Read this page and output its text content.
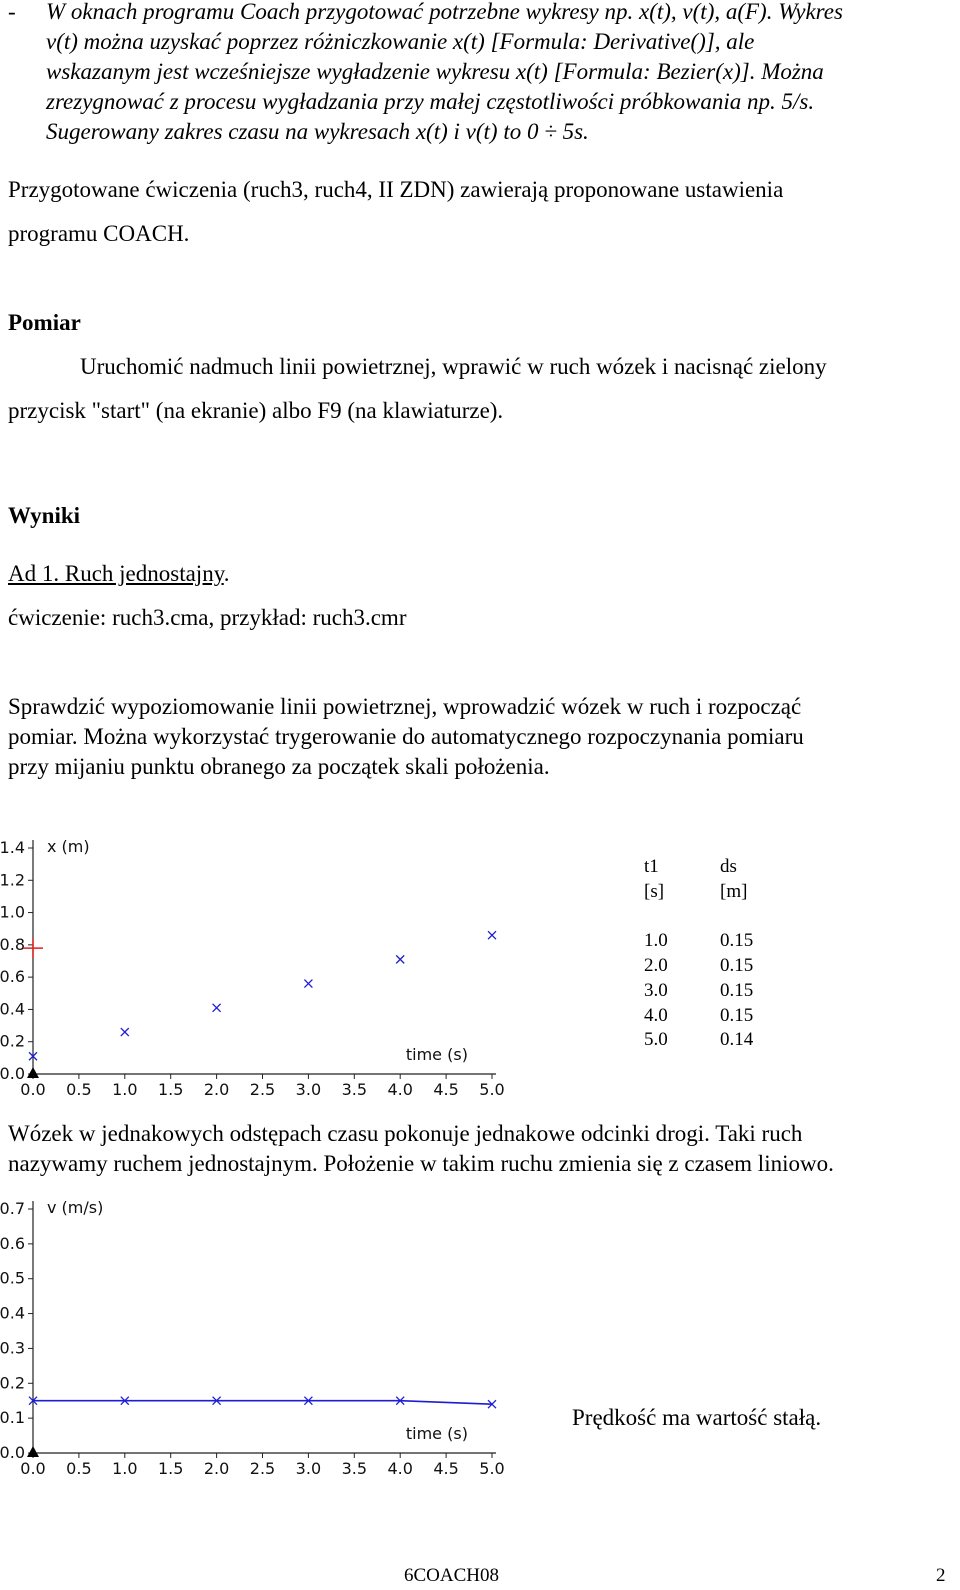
- W oknach programu Coach przygotować potrzebne wykresy np. x(t), v(t), a(F). Wykres
v(t) można uzyskać poprzez różniczkowanie x(t) [Formula: Derivative()], ale
wskazanym jest wcześniejsze wygładzenie wykresu x(t) [Formula: Bezier(x)]. Można
zrezygnować z procesu wygładzania przy małej częstotliwości próbkowania np. 5/s.
Sugerowany zakres czasu na wykresach x(t) i v(t) to 0 ÷ 5s.
Przygotowane ćwiczenia (ruch3, ruch4, II ZDN) zawierają proponowane ustawienia
programu COACH.
Pomiar
Uruchomić nadmuch linii powietrznej, wprawić w ruch wózek i nacisnąć zielony
przycisk "start" (na ekranie) albo F9 (na klawiaturze).
Wyniki
Ad 1. Ruch jednostajny.
ćwiczenie: ruch3.cma, przykład: ruch3.cmr
Sprawdzić wypoziomowanie linii powietrznej, wprowadzić wózek w ruch i rozpocząć
pomiar. Można wykorzystać trygerowanie do automatycznego rozpoczynania pomiaru
przy mijaniu punktu obranego za początek skali położenia.
0.0
0.2
0.4
0.6
0.8
1.0
1.2
1.4
0.0 0.5 1.0 1.5 2.0 2.5 3.0 3.5 4.0 4.5 5.0
x (m)
time (s)
t1	ds
[s]	[m]
1.0	0.15
2.0	0.15
3.0	0.15
4.0	0.15
5.0	0.14
Wózek w jednakowych odstępach czasu pokonuje jednakowe odcinki drogi. Taki ruch
nazywamy ruchem jednostajnym. Położenie w takim ruchu zmienia się z czasem liniowo.
0.0
0.1
0.2
0.3
0.4
0.5
0.6
0.7
0.0 0.5 1.0 1.5 2.0 2.5 3.0 3.5 4.0 4.5 5.0
v (m/s)
time (s)
Prędkość ma wartość stałą.
6COACH08	2
